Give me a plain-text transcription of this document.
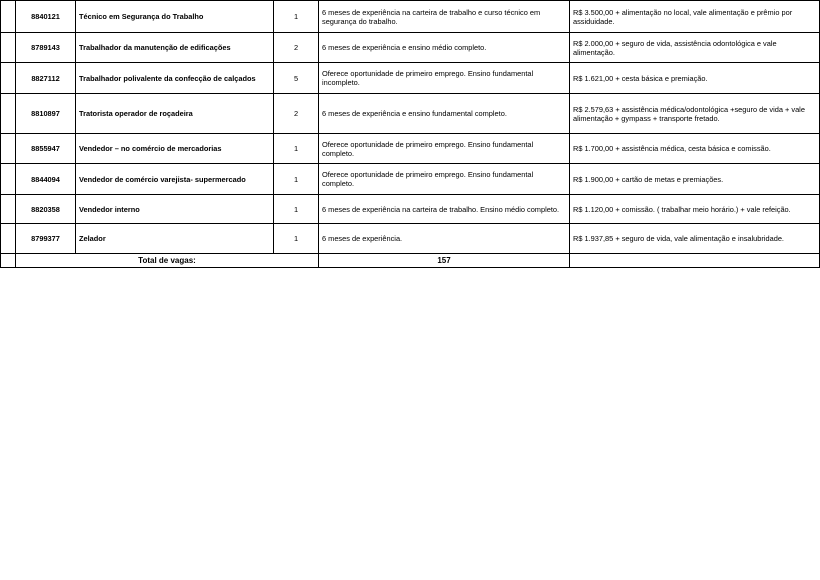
	8840121	Técnico em Segurança do Trabalho	1	6 meses de experiência na carteira de trabalho e curso técnico em segurança do trabalho.	R$ 3.500,00 + alimentação no local, vale alimentação e prêmio por assiduidade.	
	8789143	Trabalhador da manutenção de edificações	2	6 meses de experiência e ensino médio completo.	R$ 2.000,00 + seguro de vida, assistência odontológica e vale alimentação.	
	8827112	Trabalhador polivalente da confecção de calçados	5	Oferece oportunidade de primeiro emprego. Ensino fundamental incompleto.	R$ 1.621,00 + cesta básica e premiação.	
	8810897	Tratorista operador de roçadeira	2	6 meses de experiência e ensino fundamental completo.	R$ 2.579,63 + assistência médica/odontológica +seguro de vida + vale alimentação + gympass + transporte fretado.	
	8855947	Vendedor – no comércio de mercadorias	1	Oferece oportunidade de primeiro emprego. Ensino fundamental completo.	R$ 1.700,00 + assistência médica, cesta básica e comissão.	
	8844094	Vendedor de comércio varejista- supermercado	1	Oferece oportunidade de primeiro emprego. Ensino fundamental completo.	R$ 1.900,00 + cartão de metas e premiações.	
	8820358	Vendedor interno	1	6 meses de experiência na carteira de trabalho. Ensino médio completo.	R$ 1.120,00 + comissão. ( trabalhar meio horário.) + vale refeição.	
	8799377	Zelador	1	6 meses de experiência.	R$ 1.937,85 + seguro de vida, vale alimentação e insalubridade.	
	Total de vagas:			157		
